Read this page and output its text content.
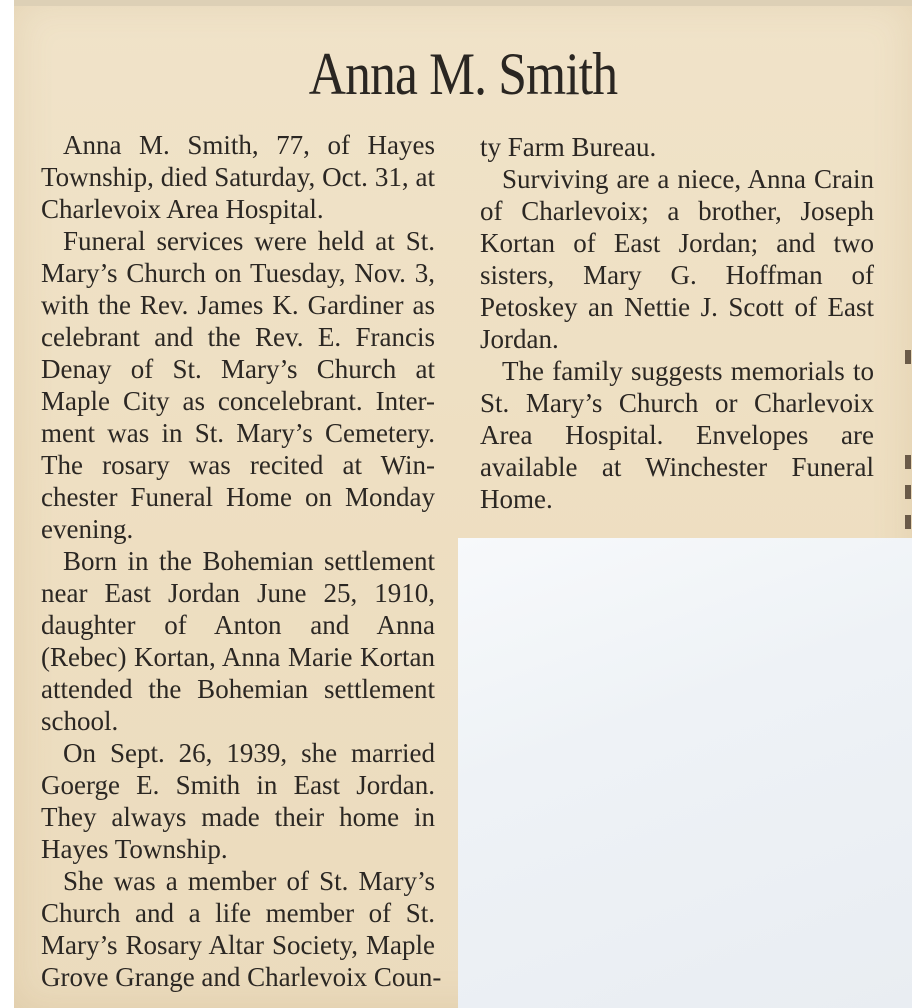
Anna M. Smith

Anna M. Smith, 77, of Hayes
Township, died Saturday, Oct. 31, at
Charlevoix Area Hospital.

Funeral services were held at St.
Mary’s Church on Tuesday, Nov. 3,
with the Rev. James K. Gardiner as
celebrant and the Rev. E. Francis
Denay of St. Mary’s Church at
Maple City as concelebrant. Inter-
ment was in St. Mary’s Cemetery.
The rosary was recited at Win-
chester Funeral Home on Monday
evening.

Born in the Bohemian settlement
near East Jordan June 25, 1910,
daughter of Anton and Anna
(Rebec) Kortan, Anna Marie Kortan
attended the Bohemian settlement
school.

On Sept. 26, 1939, she married
Goerge E. Smith in East Jordan.
They always made their home in
Hayes Township.

She was a member of St. Mary’s
Church and a life member of St.
Mary’s Rosary Altar Society, Maple
Grove Grange and Charlevoix Coun-

ty Farm Bureau.

Surviving are a niece, Anna Crain
of Charlevoix; a brother, Joseph
Kortan of East Jordan; and two
sisters, Mary G. Hoffman of
Petoskey an Nettie J. Scott of East
Jordan.

The family suggests memorials to
St. Mary’s Church or Charlevoix
Area Hospital. Envelopes are
available at Winchester Funeral
Home.
